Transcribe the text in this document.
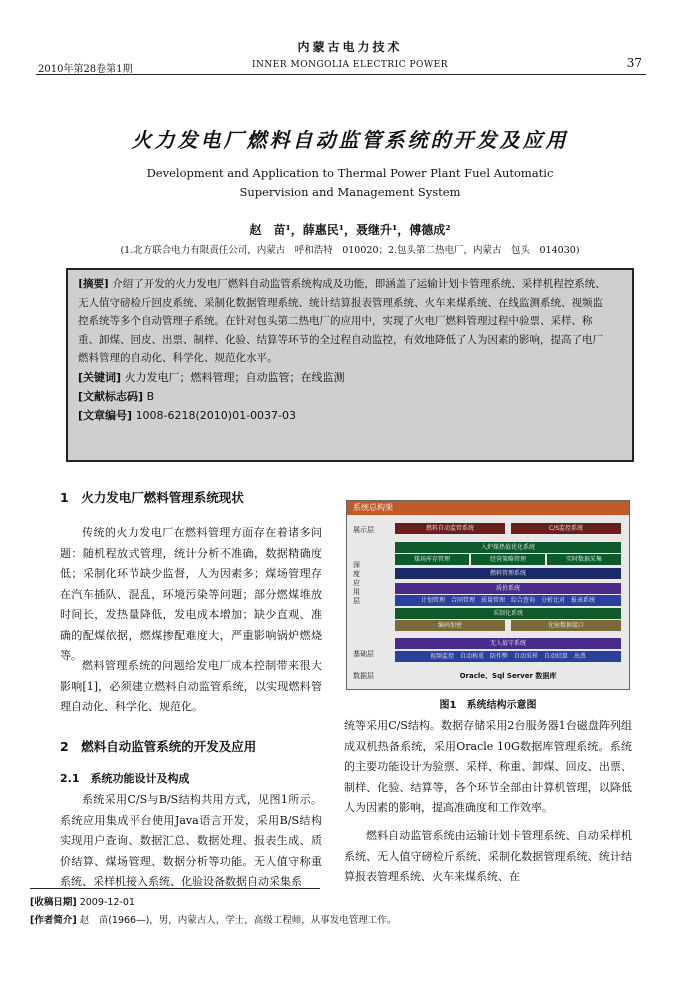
内蒙古电力技术
2010年第28卷第1期	INNER MONGOLIA ELECTRIC POWER	37
火力发电厂燃料自动监管系统的开发及应用
Development and Application to Thermal Power Plant Fuel Automatic Supervision and Management System
赵　苗¹，薛惠民¹，聂继升¹，傅德成²
(1.北方联合电力有限责任公司，内蒙古　呼和浩特　010020；2.包头第二热电厂，内蒙古　包头　014030)
[摘要] 介绍了开发的火力发电厂燃料自动监管系统构成及功能，即涵盖了运输计划卡管理系统、采样机程控系统、无人值守磅检斤回皮系统、采制化数据管理系统、统计结算报表管理系统、火车来煤系统、在线监测系统、视频监控系统等多个自动管理子系统。在针对包头第二热电厂的应用中，实现了火电厂燃料管理过程中验票、采样、称重、卸煤、回皮、出票、制样、化验、结算等环节的全过程自动监控，有效地降低了人为因素的影响，提高了电厂燃料管理的自动化、科学化、规范化水平。
[关键词] 火力发电厂；燃料管理；自动监管；在线监测
[文献标志码] B
[文章编号] 1008-6218(2010)01-0037-03
1　火力发电厂燃料管理系统现状
传统的火力发电厂在燃料管理方面存在着诸多问题：随机程放式管理，统计分析不准确，数据精确度低；采制化环节缺少监督，人为因素多；煤场管理存在汽车插队、混乱，环境污染等问题；部分燃煤堆放时间长，发热量降低，发电成本增加；缺少直观、准确的配煤依据，燃煤掺配难度大，严重影响锅炉燃烧等。
燃料管理系统的问题给发电厂成本控制带来很大影响[1]，必须建立燃料自动监管系统，以实现燃料管理自动化、科学化、规范化。
2　燃料自动监管系统的开发及应用
2.1　系统功能设计及构成
系统采用C/S与B/S结构共用方式，见图1所示。系统应用集成平台使用Java语言开发，采用B/S结构实现用户查询、数据汇总、数据处理、报表生成、质价结算、煤场管理、数据分析等功能。无人值守称重系统、采样机接入系统、化验设备数据自动采集系
系统总构架
展示层
深度应用层
基础层
数据层
燃料自动监管系统	C/S监控系统
入炉煤热值优化系统
煤场库存管理	经营策略管理	实时数据采集
燃料管理系统
质价系统
计划管理　合同管理　质量管理　综合查询　分析比对　报表系统
采制化系统
编码加密	化验数据接口
无人值守系统
视频监控　自动称重　防作弊　自动采样　自动结算　出票
Oracle、Sql Server 数据库
图1　系统结构示意图
统等采用C/S结构。数据存储采用2台服务器1台磁盘阵列组成双机热备系统，采用Oracle 10G数据库管理系统。系统的主要功能设计为验票、采样、称重、卸煤、回皮、出票、制样、化验、结算等，各个环节全部由计算机管理，以降低人为因素的影响，提高准确度和工作效率。
燃料自动监管系统由运输计划卡管理系统、自动采样机系统、无人值守磅检斤系统、采制化数据管理系统、统计结算报表管理系统、火车来煤系统、在
[收稿日期] 2009-12-01
[作者简介] 赵　苗(1966—)，男，内蒙古人，学士，高级工程师，从事发电管理工作。
